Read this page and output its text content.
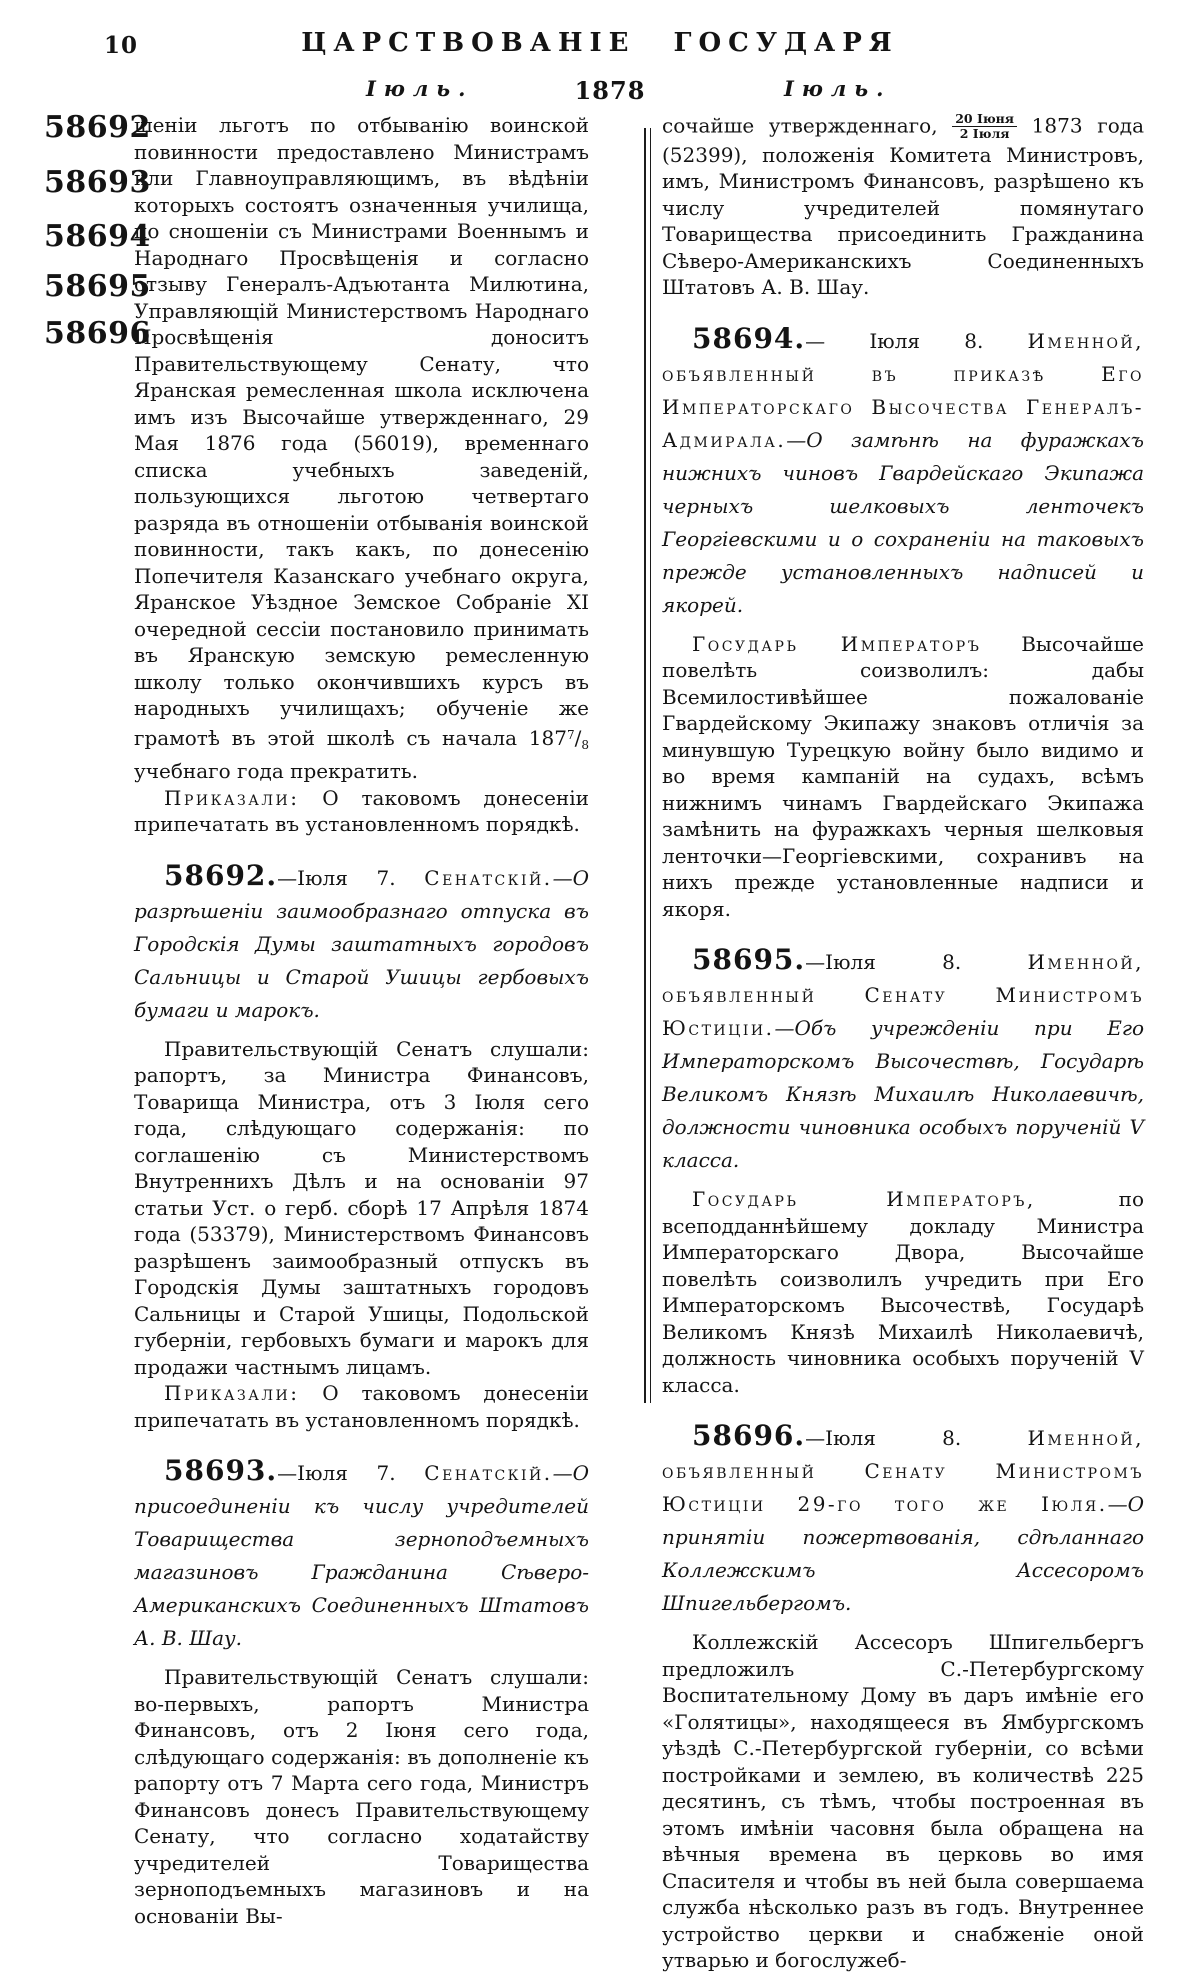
10	ЦАРСТВОВАНІЕ ГОСУДАРЯ
Іюль.	1878	Іюль.
58692
58693
58694
58695
58696

шеніи льготъ по отбыванію воинской повинности предоставлено Министрамъ или Главноуправляющимъ, въ вѣдѣніи которыхъ состоятъ означенныя училища, по сношеніи съ Министрами Военнымъ и Народнаго Просвѣщенія и согласно отзыву Генералъ-Адъютанта Милютина, Управляющій Министерствомъ Народнаго Просвѣщенія доноситъ Правительствующему Сенату, что Яранская ремесленная школа исключена имъ изъ Высочайше утвержденнаго, 29 Мая 1876 года (56019), временнаго списка учебныхъ заведеній, пользующихся льготою четвертаго разряда въ отношеніи отбыванія воинской повинности, такъ какъ, по донесенію Попечителя Казанскаго учебнаго округа, Яранское Уѣздное Земское Собраніе XI очередной сессіи постановило принимать въ Яранскую земскую ремесленную школу только окончившихъ курсъ въ народныхъ училищахъ; обученіе же грамотѣ въ этой школѣ съ начала $187^7/_8$ учебнаго года прекратить.

Приказали: О таковомъ донесеніи припечатать въ установленномъ порядкѣ.

58692.—Іюля 7. Сенатскій.—О разрѣшеніи заимообразнаго отпуска въ Городскія Думы заштатныхъ городовъ Сальницы и Старой Ушицы гербовыхъ бумаги и марокъ.

Правительствующій Сенатъ слушали: рапортъ, за Министра Финансовъ, Товарища Министра, отъ 3 Іюля сего года, слѣдующаго содержанія: по соглашенію съ Министерствомъ Внутреннихъ Дѣлъ и на основаніи 97 статьи Уст. о герб. сборѣ 17 Апрѣля 1874 года (53379), Министерствомъ Финансовъ разрѣшенъ заимообразный отпускъ въ Городскія Думы заштатныхъ городовъ Сальницы и Старой Ушицы, Подольской губерніи, гербовыхъ бумаги и марокъ для продажи частнымъ лицамъ.

Приказали: О таковомъ донесеніи припечатать въ установленномъ порядкѣ.

58693.—Іюля 7. Сенатскій.—О присоединеніи къ числу учредителей Товарищества зерноподъемныхъ магазиновъ Гражданина Сѣверо-Американскихъ Соединенныхъ Штатовъ А. В. Шау.

Правительствующій Сенатъ слушали: во-первыхъ, рапортъ Министра Финансовъ, отъ 2 Іюня сего года, слѣдующаго содержанія: въ дополненіе къ рапорту отъ 7 Марта сего года, Министръ Финансовъ донесъ Правительствующему Сенату, что согласно ходатайству учредителей Товарищества зерноподъемныхъ магазиновъ и на основаніи Вы-

сочайше утвержденнаго, $\frac{\text{20 Іюня}}{\text{2 Іюля}} 1873$ года (52399), положенія Комитета Министровъ, имъ, Министромъ Финансовъ, разрѣшено къ числу учредителей помянутаго Товарищества присоединить Гражданина Сѣверо-Американскихъ Соединенныхъ Штатовъ А. В. Шау.

58694.— Іюля 8. Именной, объявленный въ приказѣ Его Императорскаго Высочества Генералъ-Адмирала.—О замѣнѣ на фуражкахъ нижнихъ чиновъ Гвардейскаго Экипажа черныхъ шелковыхъ ленточекъ Георгіевскими и о сохраненіи на таковыхъ прежде установленныхъ надписей и якорей.

Государь Императоръ Высочайше повелѣть соизволилъ: дабы Всемилостивѣйшее пожалованіе Гвардейскому Экипажу знаковъ отличія за минувшую Турецкую войну было видимо и во время кампаній на судахъ, всѣмъ нижнимъ чинамъ Гвардейскаго Экипажа замѣнить на фуражкахъ черныя шелковыя ленточки—Георгіевскими, сохранивъ на нихъ прежде установленные надписи и якоря.

58695.—Іюля 8. Именной, объявленный Сенату Министромъ Юстиціи.—Объ учрежденіи при Его Императорскомъ Высочествѣ, Государѣ Великомъ Князѣ Михаилѣ Николаевичѣ, должности чиновника особыхъ порученій V класса.

Государь Императоръ, по всеподданнѣйшему докладу Министра Императорскаго Двора, Высочайше повелѣть соизволилъ учредить при Его Императорскомъ Высочествѣ, Государѣ Великомъ Князѣ Михаилѣ Николаевичѣ, должность чиновника особыхъ порученій V класса.

58696.—Іюля 8. Именной, объявленный Сенату Министромъ Юстиціи 29-го того же Іюля.—О принятіи пожертвованія, сдѣланнаго Коллежскимъ Ассесоромъ Шпигельбергомъ.

Коллежскій Ассесоръ Шпигельбергъ предложилъ С.-Петербургскому Воспитательному Дому въ даръ имѣніе его «Голятицы», находящееся въ Ямбургскомъ уѣздѣ С.-Петербургской губерніи, со всѣми постройками и землею, въ количествѣ 225 десятинъ, съ тѣмъ, чтобы построенная въ этомъ имѣніи часовня была обращена на вѣчныя времена въ церковь во имя Спасителя и чтобы въ ней была совершаема служба нѣсколько разъ въ годъ. Внутреннее устройство церкви и снабженіе оной утварью и богослужеб-
